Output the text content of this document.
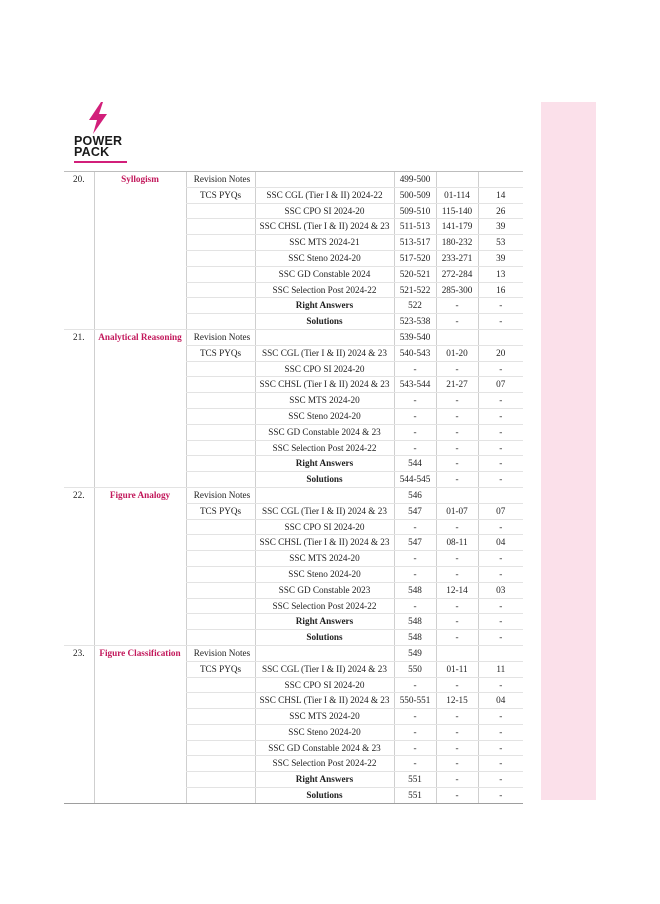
POWER
PACK
20.	Syllogism	Revision Notes		499-500		
		TCS PYQs	SSC CGL (Tier I & II) 2024-22	500-509	01-114	14
			SSC CPO SI 2024-20	509-510	115-140	26
			SSC CHSL (Tier I & II) 2024 & 23	511-513	141-179	39
			SSC MTS 2024-21	513-517	180-232	53
			SSC Steno 2024-20	517-520	233-271	39
			SSC GD Constable 2024	520-521	272-284	13
			SSC Selection Post 2024-22	521-522	285-300	16
			Right Answers	522	-	-
			Solutions	523-538	-	-
21.	Analytical Reasoning	Revision Notes		539-540		
		TCS PYQs	SSC CGL (Tier I & II) 2024 & 23	540-543	01-20	20
			SSC CPO SI 2024-20	-	-	-
			SSC CHSL (Tier I & II) 2024 & 23	543-544	21-27	07
			SSC MTS 2024-20	-	-	-
			SSC Steno 2024-20	-	-	-
			SSC GD Constable 2024 & 23	-	-	-
			SSC Selection Post 2024-22	-	-	-
			Right Answers	544	-	-
			Solutions	544-545	-	-
22.	Figure Analogy	Revision Notes		546		
		TCS PYQs	SSC CGL (Tier I & II) 2024 & 23	547	01-07	07
			SSC CPO SI 2024-20	-	-	-
			SSC CHSL (Tier I & II) 2024 & 23	547	08-11	04
			SSC MTS 2024-20	-	-	-
			SSC Steno 2024-20	-	-	-
			SSC GD Constable 2023	548	12-14	03
			SSC Selection Post 2024-22	-	-	-
			Right Answers	548	-	-
			Solutions	548	-	-
23.	Figure Classification	Revision Notes		549		
		TCS PYQs	SSC CGL (Tier I & II) 2024 & 23	550	01-11	11
			SSC CPO SI 2024-20	-	-	-
			SSC CHSL (Tier I & II) 2024 & 23	550-551	12-15	04
			SSC MTS 2024-20	-	-	-
			SSC Steno 2024-20	-	-	-
			SSC GD Constable 2024 & 23	-	-	-
			SSC Selection Post 2024-22	-	-	-
			Right Answers	551	-	-
			Solutions	551	-	-
